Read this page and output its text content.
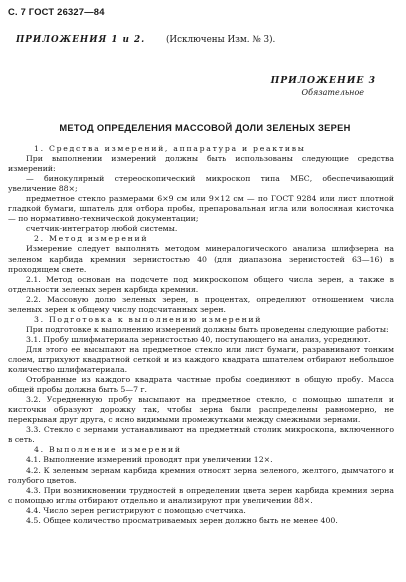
С. 7 ГОСТ 26327—84
ПРИЛОЖЕНИЯ 1 и 2. (Исключены Изм. № 3).
ПРИЛОЖЕНИЕ 3
Обязательное
МЕТОД ОПРЕДЕЛЕНИЯ МАССОВОЙ ДОЛИ ЗЕЛЕНЫХ ЗЕРЕН

1. Средства измерений, аппаратура и реактивы

При выполнении измерений должны быть использованы следующие средства измерений:

— бинокулярный стереоскопический микроскоп типа МБС, обеспечивающий увеличение 88×;

предметное стекло размерами 6×9 см или 9×12 см — по ГОСТ 9284 или лист плотной гладкой бумаги, шпатель для отбора пробы, препаровальная игла или волосяная кисточка — по нормативно-технической документации;

счетчик-интегратор любой системы.

2. Метод измерений

Измерение следует выполнять методом минералогического анализа шлифзерна на зеленом карбида кремния зернистостью 40 (для диапазона зернистостей 63—16) в проходящем свете.

2.1. Метод основан на подсчете под микроскопом общего числа зерен, а также в отдельности зеленых зерен карбида кремния.

2.2. Массовую долю зеленых зерен, в процентах, определяют отношением числа зеленых зерен к общему числу подсчитанных зерен.

3. Подготовка к выполнению измерений

При подготовке к выполнению измерений должны быть проведены следующие работы:

3.1. Пробу шлифматериала зернистостью 40, поступающего на анализ, усредняют.

Для этого ее высыпают на предметное стекло или лист бумаги, разравнивают тонким слоем, штрихуют квадратной сеткой и из каждого квадрата шпателем отбирают небольшое количество шлифматериала.

Отобранные из каждого квадрата частные пробы соединяют в общую пробу. Масса общей пробы должна быть 5—7 г.

3.2. Усредненную пробу высыпают на предметное стекло, с помощью шпателя и кисточки образуют дорожку так, чтобы зерна были распределены равномерно, не перекрывая друг друга, с ясно видимыми промежутками между смежными зернами.

3.3. Стекло с зернами устанавливают на предметный столик микроскопа, включенного в сеть.

4. Выполнение измерений

4.1. Выполнение измерений проводят при увеличении 12×.

4.2. К зеленым зернам карбида кремния относят зерна зеленого, желтого, дымчатого и голубого цветов.

4.3. При возникновении трудностей в определении цвета зерен карбида кремния зерна с помощью иглы отбирают отдельно и анализируют при увеличении 88×.

4.4. Число зерен регистрируют с помощью счетчика.

4.5. Общее количество просматриваемых зерен должно быть не менее 400.
